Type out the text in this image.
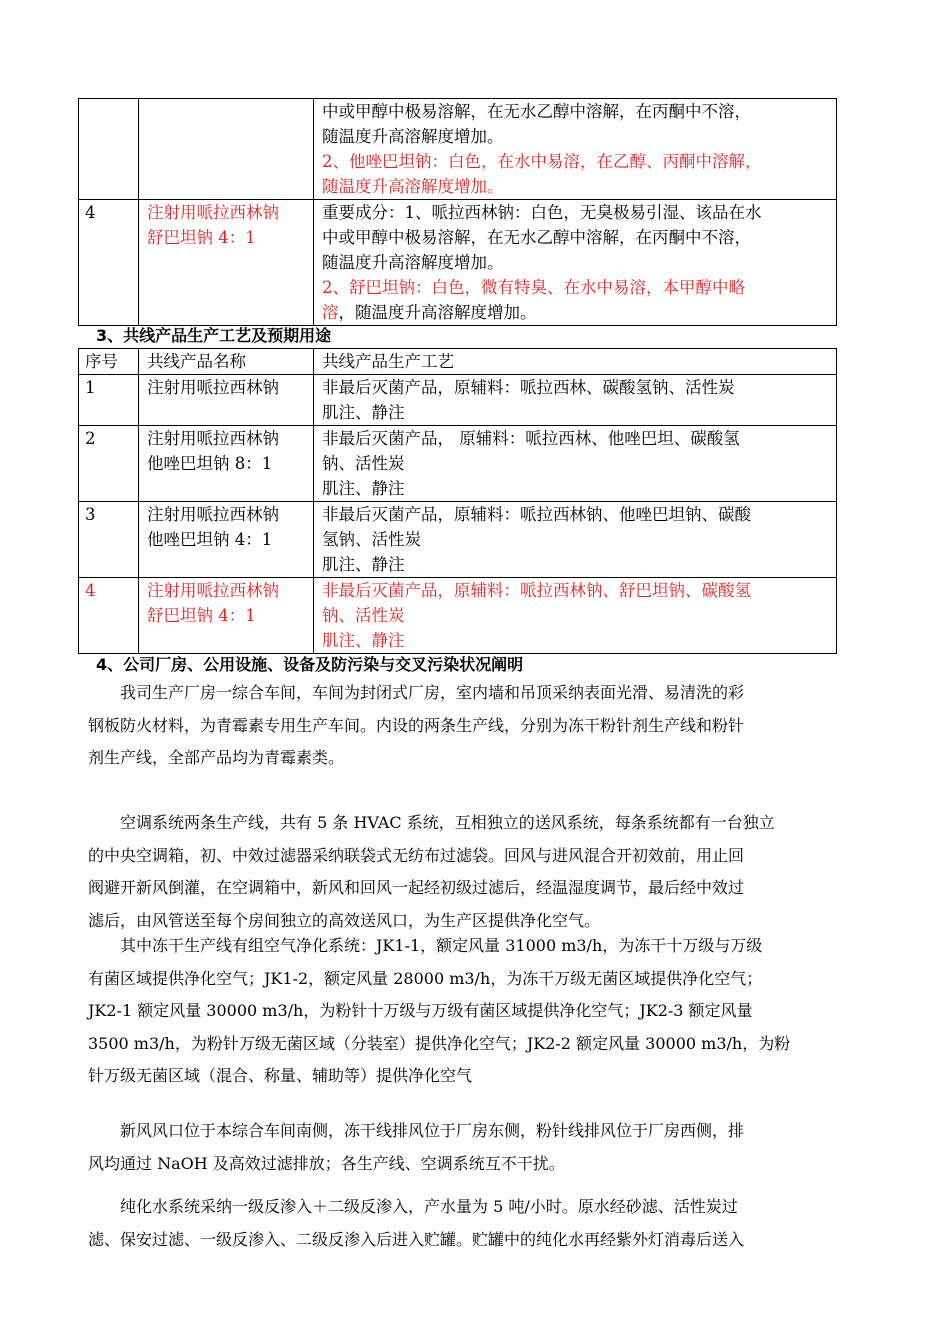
		中或甲醇中极易溶解，在无水乙醇中溶解，在丙酮中不溶，
随温度升高溶解度增加。
2、他唑巴坦钠：白色，在水中易溶，在乙醇、丙酮中溶解，
随温度升高溶解度增加。

4	注射用哌拉西林钠
舒巴坦钠 4：1	重要成分：1、哌拉西林钠：白色，无臭极易引湿、该品在水
中或甲醇中极易溶解，在无水乙醇中溶解，在丙酮中不溶，
随温度升高溶解度增加。
2、舒巴坦钠：白色，微有特臭、在水中易溶，本甲醇中略
溶，随温度升高溶解度增加。
3、共线产品生产工艺及预期用途
序号	共线产品名称	共线产品生产工艺
1	注射用哌拉西林钠	非最后灭菌产品，原辅料：哌拉西林、碳酸氢钠、活性炭
肌注、静注

2	注射用哌拉西林钠
他唑巴坦钠 8：1	非最后灭菌产品， 原辅料：哌拉西林、他唑巴坦、碳酸氢
钠、活性炭
肌注、静注

3	注射用哌拉西林钠
他唑巴坦钠 4：1	非最后灭菌产品，原辅料：哌拉西林钠、他唑巴坦钠、碳酸
氢钠、活性炭
肌注、静注

4	注射用哌拉西林钠
舒巴坦钠 4：1	非最后灭菌产品，原辅料：哌拉西林钠、舒巴坦钠、碳酸氢
钠、活性炭
肌注、静注
4、公司厂房、公用设施、设备及防污染与交叉污染状况阐明
　　我司生产厂房一综合车间，车间为封闭式厂房，室内墙和吊顶采纳表面光滑、易清洗的彩
钢板防火材料，为青霉素专用生产车间。内设的两条生产线，分别为冻干粉针剂生产线和粉针
剂生产线，全部产品均为青霉素类。
　　空调系统两条生产线，共有 5 条 HVAC 系统，互相独立的送风系统，每条系统都有一台独立
的中央空调箱，初、中效过滤器采纳联袋式无纺布过滤袋。回风与进风混合开初效前，用止回
阀避开新风倒灌，在空调箱中，新风和回风一起经初级过滤后，经温湿度调节，最后经中效过
滤后，由风管送至每个房间独立的高效送风口，为生产区提供净化空气。
　　其中冻干生产线有组空气净化系统：JK1-1，额定风量 31000 m3/h，为冻干十万级与万级
有菌区域提供净化空气；JK1-2，额定风量 28000 m3/h，为冻干万级无菌区域提供净化空气；
JK2-1 额定风量 30000 m3/h，为粉针十万级与万级有菌区域提供净化空气；JK2-3 额定风量
3500 m3/h，为粉针万级无菌区域（分装室）提供净化空气；JK2-2 额定风量 30000 m3/h，为粉
针万级无菌区域（混合、称量、辅助等）提供净化空气
　　新风风口位于本综合车间南侧，冻干线排风位于厂房东侧，粉针线排风位于厂房西侧，排
风均通过 NaOH 及高效过滤排放；各生产线、空调系统互不干扰。
　　纯化水系统采纳一级反渗入＋二级反渗入，产水量为 5 吨/小时。原水经砂滤、活性炭过
滤、保安过滤、一级反渗入、二级反渗入后进入贮罐。贮罐中的纯化水再经紫外灯消毒后送入
